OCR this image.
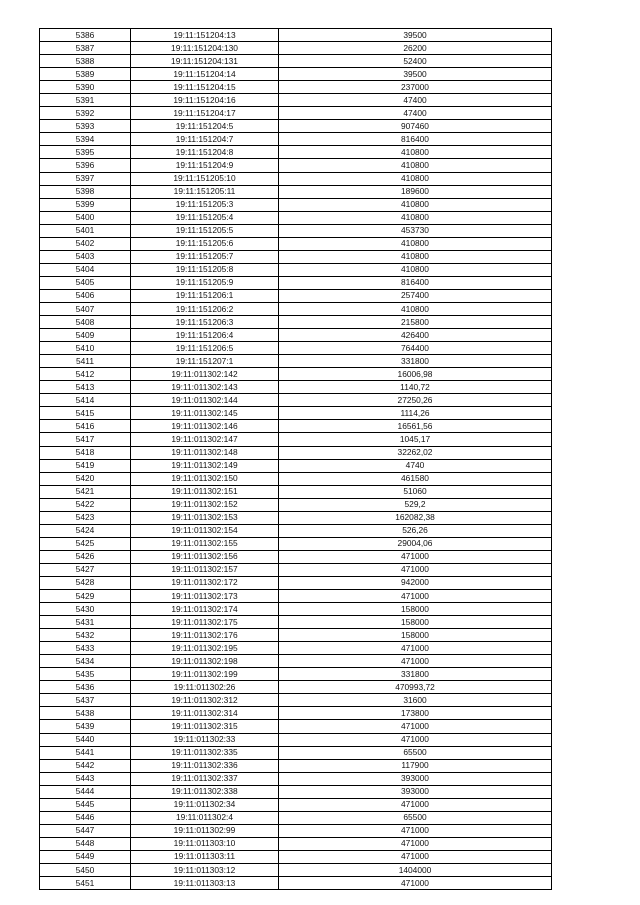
5386	19:11:151204:13	39500
5387	19:11:151204:130	26200
5388	19:11:151204:131	52400
5389	19:11:151204:14	39500
5390	19:11:151204:15	237000
5391	19:11:151204:16	47400
5392	19:11:151204:17	47400
5393	19:11:151204:5	907460
5394	19:11:151204:7	816400
5395	19:11:151204:8	410800
5396	19:11:151204:9	410800
5397	19:11:151205:10	410800
5398	19:11:151205:11	189600
5399	19:11:151205:3	410800
5400	19:11:151205:4	410800
5401	19:11:151205:5	453730
5402	19:11:151205:6	410800
5403	19:11:151205:7	410800
5404	19:11:151205:8	410800
5405	19:11:151205:9	816400
5406	19:11:151206:1	257400
5407	19:11:151206:2	410800
5408	19:11:151206:3	215800
5409	19:11:151206:4	426400
5410	19:11:151206:5	764400
5411	19:11:151207:1	331800
5412	19:11:011302:142	16006,98
5413	19:11:011302:143	1140,72
5414	19:11:011302:144	27250,26
5415	19:11:011302:145	1114,26
5416	19:11:011302:146	16561,56
5417	19:11:011302:147	1045,17
5418	19:11:011302:148	32262,02
5419	19:11:011302:149	4740
5420	19:11:011302:150	461580
5421	19:11:011302:151	51060
5422	19:11:011302:152	529,2
5423	19:11:011302:153	162082,38
5424	19:11:011302:154	526,26
5425	19:11:011302:155	29004,06
5426	19:11:011302:156	471000
5427	19:11:011302:157	471000
5428	19:11:011302:172	942000
5429	19:11:011302:173	471000
5430	19:11:011302:174	158000
5431	19:11:011302:175	158000
5432	19:11:011302:176	158000
5433	19:11:011302:195	471000
5434	19:11:011302:198	471000
5435	19:11:011302:199	331800
5436	19:11:011302:26	470993,72
5437	19:11:011302:312	31600
5438	19:11:011302:314	173800
5439	19:11:011302:315	471000
5440	19:11:011302:33	471000
5441	19:11:011302:335	65500
5442	19:11:011302:336	117900
5443	19:11:011302:337	393000
5444	19:11:011302:338	393000
5445	19:11:011302:34	471000
5446	19:11:011302:4	65500
5447	19:11:011302:99	471000
5448	19:11:011303:10	471000
5449	19:11:011303:11	471000
5450	19:11:011303:12	1404000
5451	19:11:011303:13	471000
